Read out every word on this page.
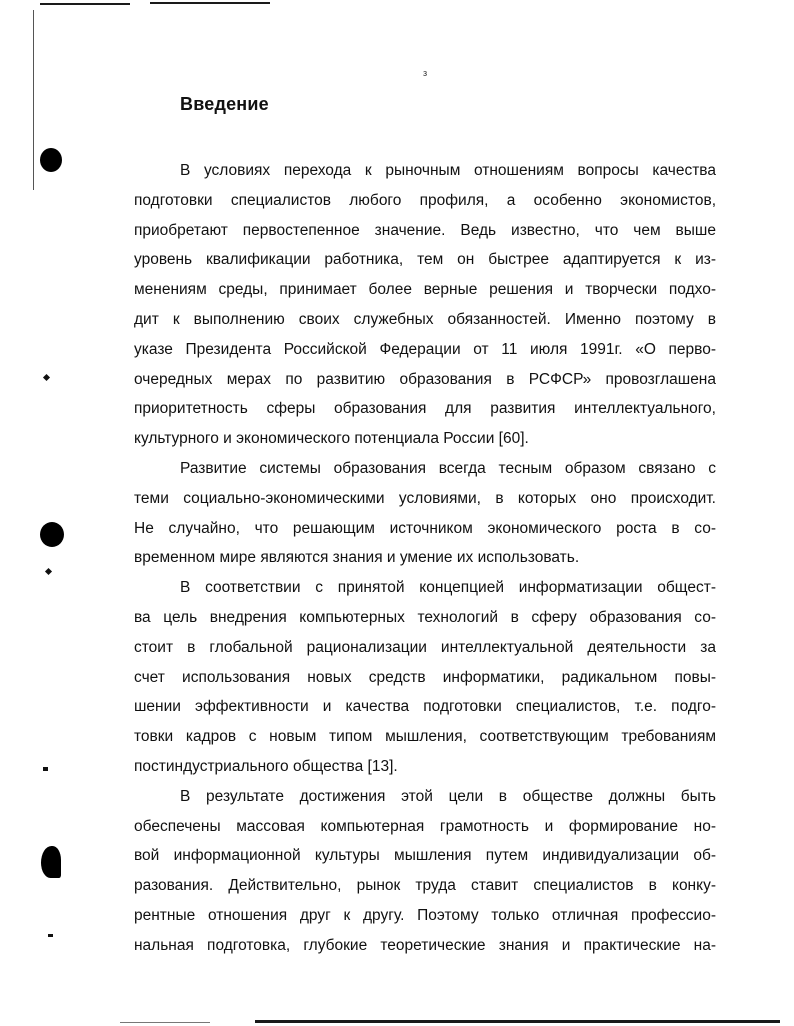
з
Введение
В условиях перехода к рыночным отношениям вопросы качества
подготовки специалистов любого профиля, а особенно экономистов,
приобретают первостепенное значение. Ведь известно, что чем выше
уровень квалификации работника, тем он быстрее адаптируется к из-
менениям среды, принимает более верные решения и творчески подхо-
дит к выполнению своих служебных обязанностей. Именно поэтому в
указе Президента Российской Федерации от 11 июля 1991г. «О перво-
очередных мерах по развитию образования в РСФСР» провозглашена
приоритетность сферы образования для развития интеллектуального,
культурного и экономического потенциала России [60].
Развитие системы образования всегда тесным образом связано с
теми социально-экономическими условиями, в которых оно происходит.
Не случайно, что решающим источником экономического роста в со-
временном мире являются знания и умение их использовать.
В соответствии с принятой концепцией информатизации общест-
ва цель внедрения компьютерных технологий в сферу образования со-
стоит в глобальной рационализации интеллектуальной деятельности за
счет использования новых средств информатики, радикальном повы-
шении эффективности и качества подготовки специалистов, т.е. подго-
товки кадров с новым типом мышления, соответствующим требованиям
постиндустриального общества [13].
В результате достижения этой цели в обществе должны быть
обеспечены массовая компьютерная грамотность и формирование но-
вой информационной культуры мышления путем индивидуализации об-
разования. Действительно, рынок труда ставит специалистов в конку-
рентные отношения друг к другу. Поэтому только отличная профессио-
нальная подготовка, глубокие теоретические знания и практические на-
